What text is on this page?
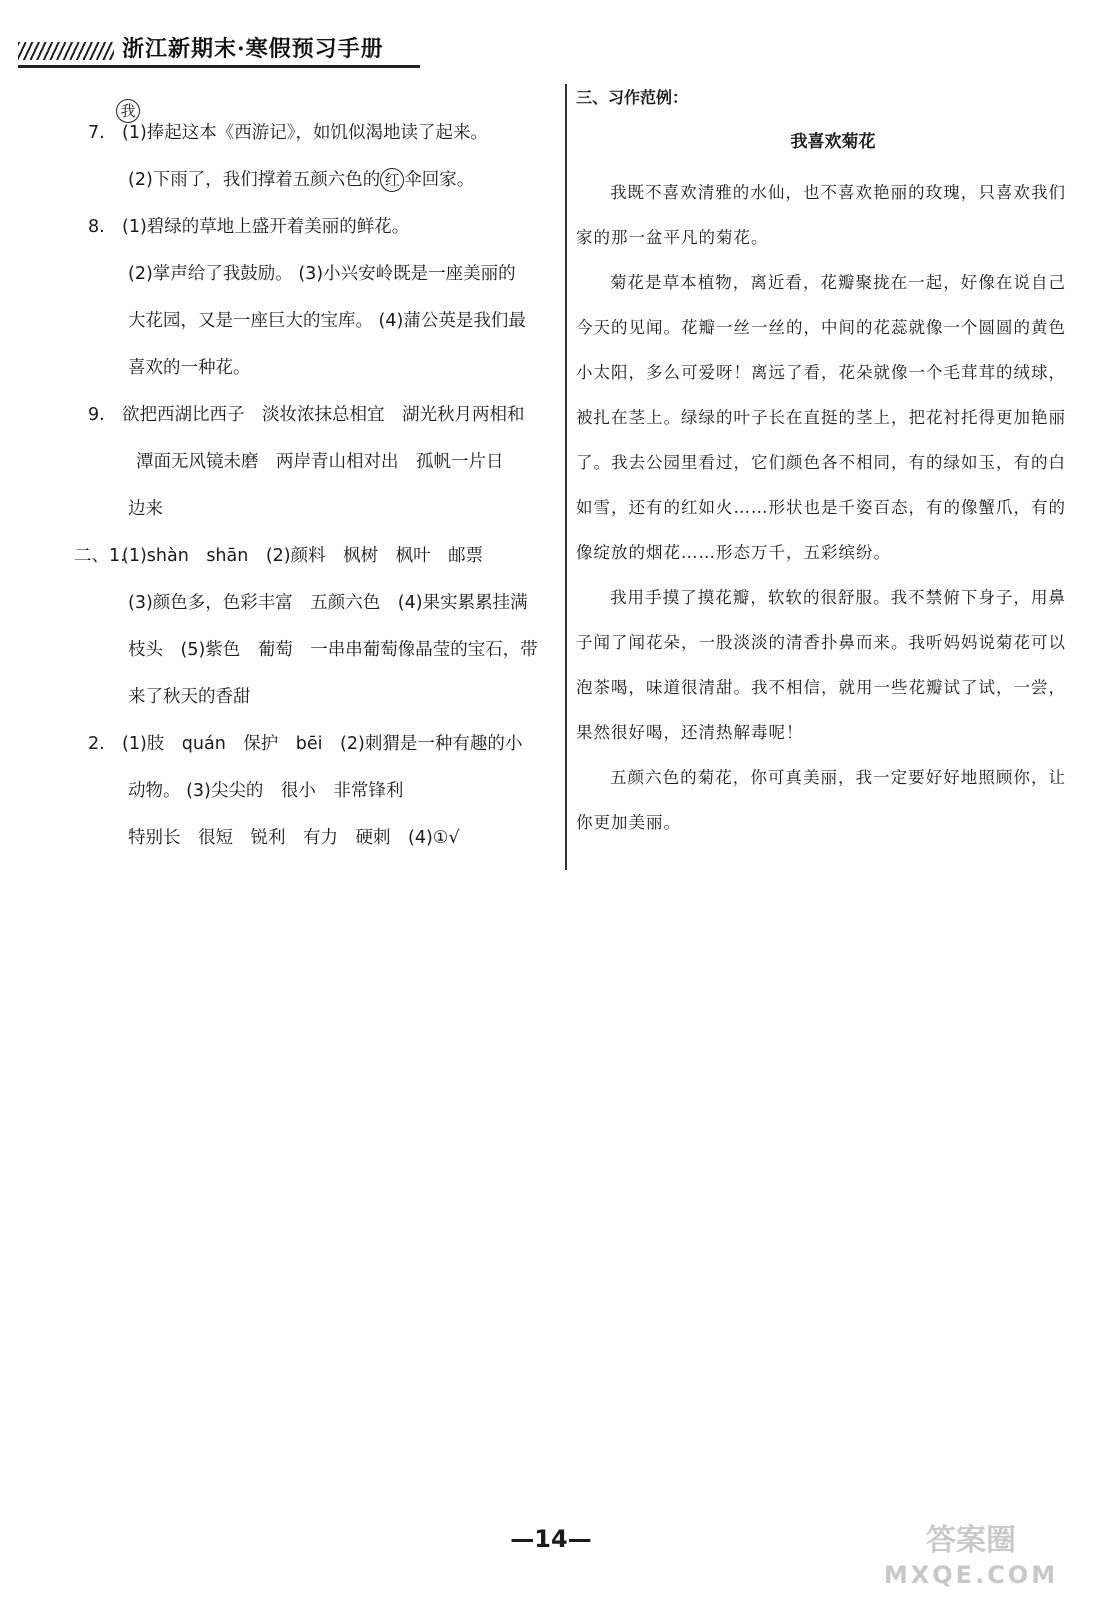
浙江新期末·寒假预习手册
7.
我
(1)捧起这本《西游记》，如饥似渴地读了起来。
(2)下雨了，我们撑着五颜六色的 红 伞回家。
8. (1)碧绿的草地上盛开着美丽的鲜花。
(2)掌声给了我鼓励。 (3)小兴安岭既是一座美丽的
大花园，又是一座巨大的宝库。 (4)蒲公英是我们最
喜欢的一种花。
9. 欲把西湖比西子　淡妆浓抹总相宜　湖光秋月两相和
潭面无风镜未磨　两岸青山相对出　孤帆一片日
边来
二、1.
(1)shàn　shān　(2)颜料　枫树　枫叶　邮票
(3)颜色多，色彩丰富　五颜六色　(4)果实累累挂满
枝头　(5)紫色　葡萄　一串串葡萄像晶莹的宝石，带
来了秋天的香甜
2. (1)肢　quán　保护　bēi　(2)刺猬是一种有趣的小
动物。 (3)尖尖的　很小　非常锋利
特别长　很短　锐利　有力　硬刺　(4)①√
三、习作范例：
我喜欢菊花

我既不喜欢清雅的水仙，也不喜欢艳丽的玫瑰，只喜欢我们家的那一盆平凡的菊花。

菊花是草本植物，离近看，花瓣聚拢在一起，好像在说自己今天的见闻。花瓣一丝一丝的，中间的花蕊就像一个圆圆的黄色小太阳，多么可爱呀！离远了看，花朵就像一个毛茸茸的绒球，被扎在茎上。绿绿的叶子长在直挺的茎上，把花衬托得更加艳丽了。我去公园里看过，它们颜色各不相同，有的绿如玉，有的白如雪，还有的红如火……形状也是千姿百态，有的像蟹爪，有的像绽放的烟花……形态万千，五彩缤纷。

我用手摸了摸花瓣，软软的很舒服。我不禁俯下身子，用鼻子闻了闻花朵，一股淡淡的清香扑鼻而来。我听妈妈说菊花可以泡茶喝，味道很清甜。我不相信，就用一些花瓣试了试，一尝，果然很好喝，还清热解毒呢！

五颜六色的菊花，你可真美丽，我一定要好好地照顾你，让你更加美丽。

—14—	答案圈
MXQE.COM
